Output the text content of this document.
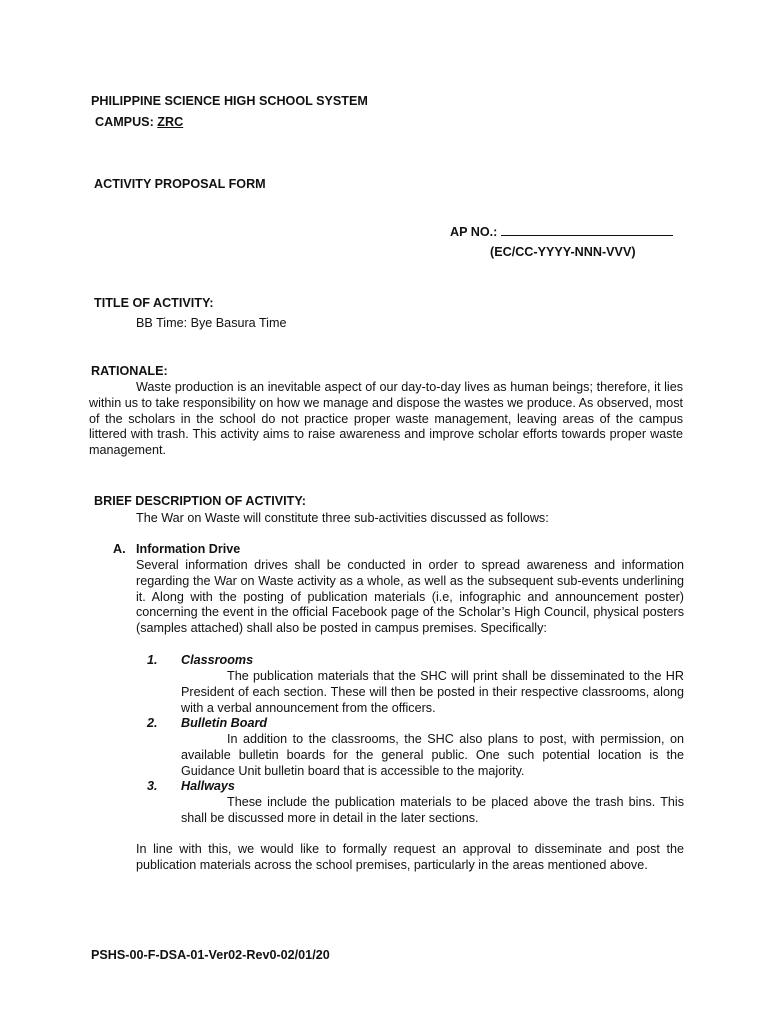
PHILIPPINE SCIENCE HIGH SCHOOL SYSTEM
CAMPUS: ZRC
ACTIVITY PROPOSAL FORM
AP NO.:
(EC/CC-YYYY-NNN-VVV)
TITLE OF ACTIVITY:
BB Time: Bye Basura Time
RATIONALE:

Waste production is an inevitable aspect of our day-to-day lives as human beings; therefore, it lies within us to take responsibility on how we manage and dispose the wastes we produce. As observed, most of the scholars in the school do not practice proper waste management, leaving areas of the campus littered with trash. This activity aims to raise awareness and improve scholar efforts towards proper waste management.

BRIEF DESCRIPTION OF ACTIVITY:
The War on Waste will constitute three sub-activities discussed as follows:
A. Information Drive

Several information drives shall be conducted in order to spread awareness and information regarding the War on Waste activity as a whole, as well as the subsequent sub-events underlining it. Along with the posting of publication materials (i.e, infographic and announcement poster) concerning the event in the official Facebook page of the Scholar’s High Council, physical posters (samples attached) shall also be posted in campus premises. Specifically:

1. Classrooms

The publication materials that the SHC will print shall be disseminated to the HR President of each section. These will then be posted in their respective classrooms, along with a verbal announcement from the officers.

2. Bulletin Board

In addition to the classrooms, the SHC also plans to post, with permission, on available bulletin boards for the general public. One such potential location is the Guidance Unit bulletin board that is accessible to the majority.

3. Hallways

These include the publication materials to be placed above the trash bins. This shall be discussed more in detail in the later sections.

In line with this, we would like to formally request an approval to disseminate and post the publication materials across the school premises, particularly in the areas mentioned above.

PSHS-00-F-DSA-01-Ver02-Rev0-02/01/20
